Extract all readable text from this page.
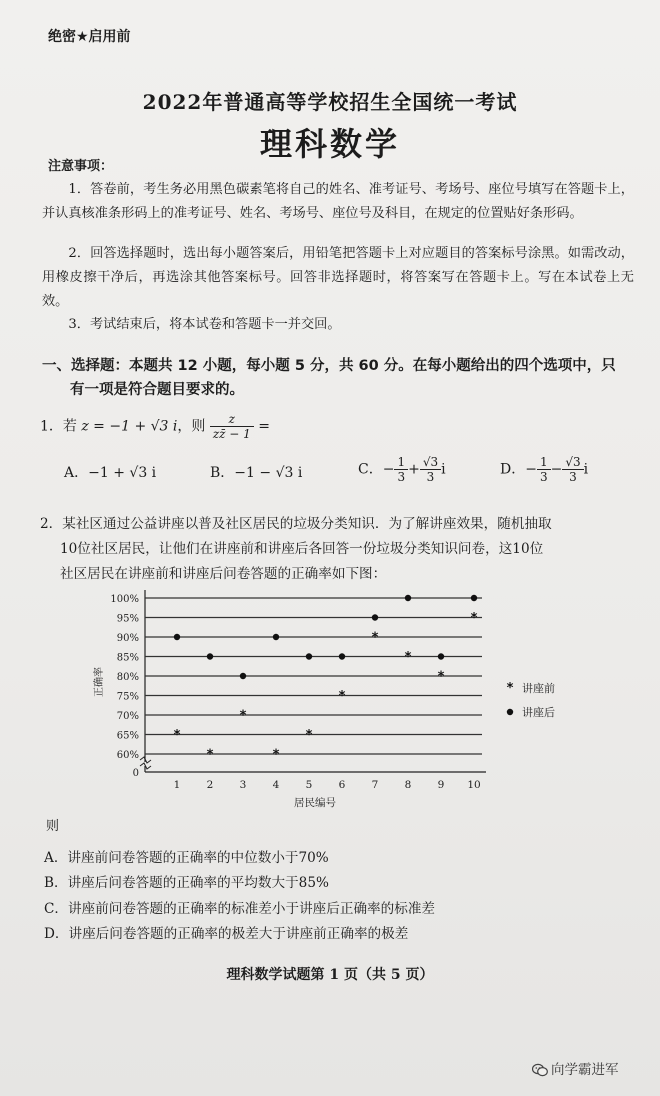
绝密★启用前
2022年普通高等学校招生全国统一考试
理科数学
注意事项：
1．答卷前，考生务必用黑色碳素笔将自己的姓名、准考证号、考场号、座位号填写在答题卡上，并认真核准条形码上的准考证号、姓名、考场号、座位号及科目，在规定的位置贴好条形码。
2．回答选择题时，选出每小题答案后，用铅笔把答题卡上对应题目的答案标号涂黑。如需改动，用橡皮擦干净后，再选涂其他答案标号。回答非选择题时，将答案写在答题卡上。写在本试卷上无效。
3．考试结束后，将本试卷和答题卡一并交回。
一、选择题：本题共 12 小题，每小题 5 分，共 60 分。在每小题给出的四个选项中，只
有一项是符合题目要求的。
1．若 z = −1 + √3 i，则 $\frac{z}{zz̄ - 1}$ =
A．−1 + √3 i	B．−1 − √3 i	C．− $\frac{1}{3} + \frac{√3}{3}$ i	D．− $\frac{1}{3} - \frac{√3}{3}$ i
2．某社区通过公益讲座以普及社区居民的垃圾分类知识．为了解讲座效果，随机抽取
10位社区居民，让他们在讲座前和讲座后各回答一份垃圾分类知识问卷，这10位
社区居民在讲座前和讲座后问卷答题的正确率如下图：
0
60%
65%
70%
75%
80%
85%
90%
95%
100%
1	2	3	4	5	6	7	8	9 10
居民编号
正确率
*
*
*
*
*
*
*
*
*
*
* 讲座前
讲座后
则
A．讲座前问卷答题的正确率的中位数小于70%
B．讲座后问卷答题的正确率的平均数大于85%
C．讲座前问卷答题的正确率的标准差小于讲座后正确率的标准差
D．讲座后问卷答题的正确率的极差大于讲座前正确率的极差
理科数学试题第 1 页（共 5 页）
向学霸进军
